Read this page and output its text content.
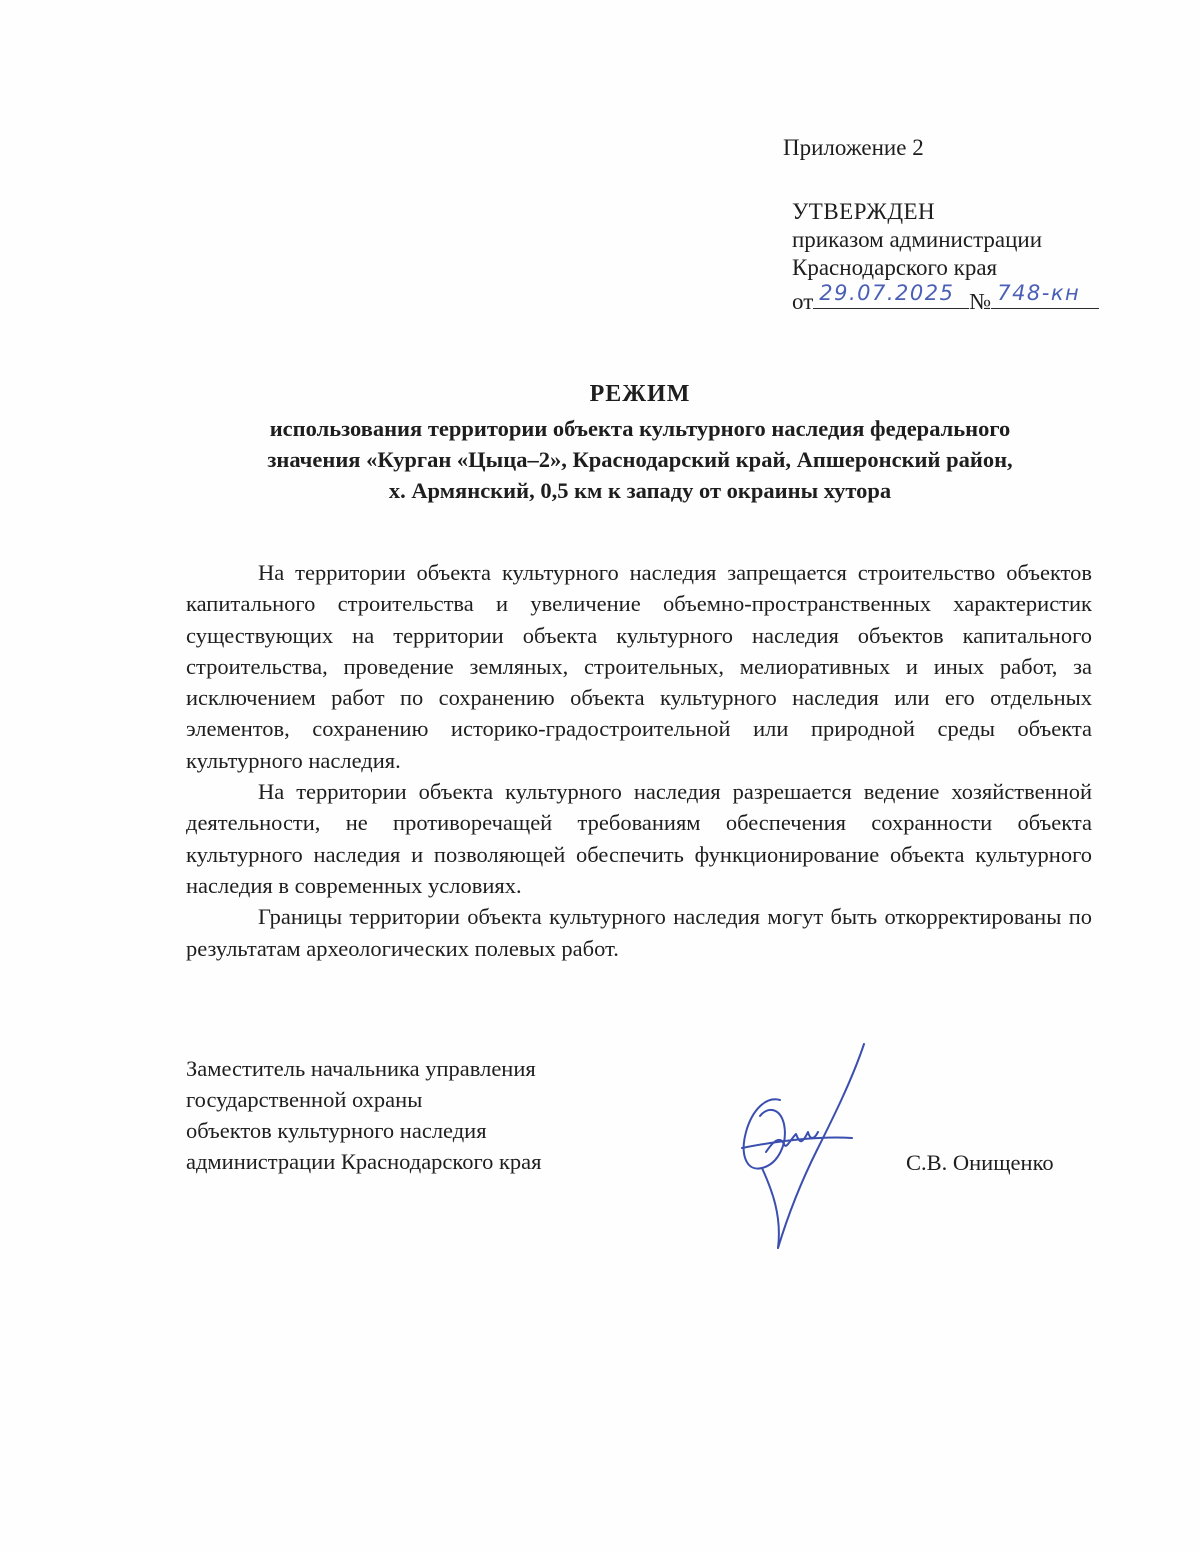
Приложение 2

УТВЕРЖДЕН
приказом администрации
Краснодарского края
от 29.07.2025 № 748-кн

РЕЖИМ

использования территории объекта культурного наследия федерального

значения «Курган «Цыца–2», Краснодарский край, Апшеронский район,

х. Армянский, 0,5 км к западу от окраины хутора

На территории объекта культурного наследия запрещается строительство объектов капитального строительства и увеличение объемно-пространственных характеристик существующих на территории объекта культурного наследия объектов капитального строительства, проведение земляных, строительных, мелиоративных и иных работ, за исключением работ по сохранению объекта культурного наследия или его отдельных элементов, сохранению историко-градостроительной или природной среды объекта культурного наследия.

На территории объекта культурного наследия разрешается ведение хозяйственной деятельности, не противоречащей требованиям обеспечения сохранности объекта культурного наследия и позволяющей обеспечить функционирование объекта культурного наследия в современных условиях.

Границы территории объекта культурного наследия могут быть откорректированы по результатам археологических полевых работ.

Заместитель начальника управления
государственной охраны
объектов культурного наследия
администрации Краснодарского края	С.В. Онищенко
